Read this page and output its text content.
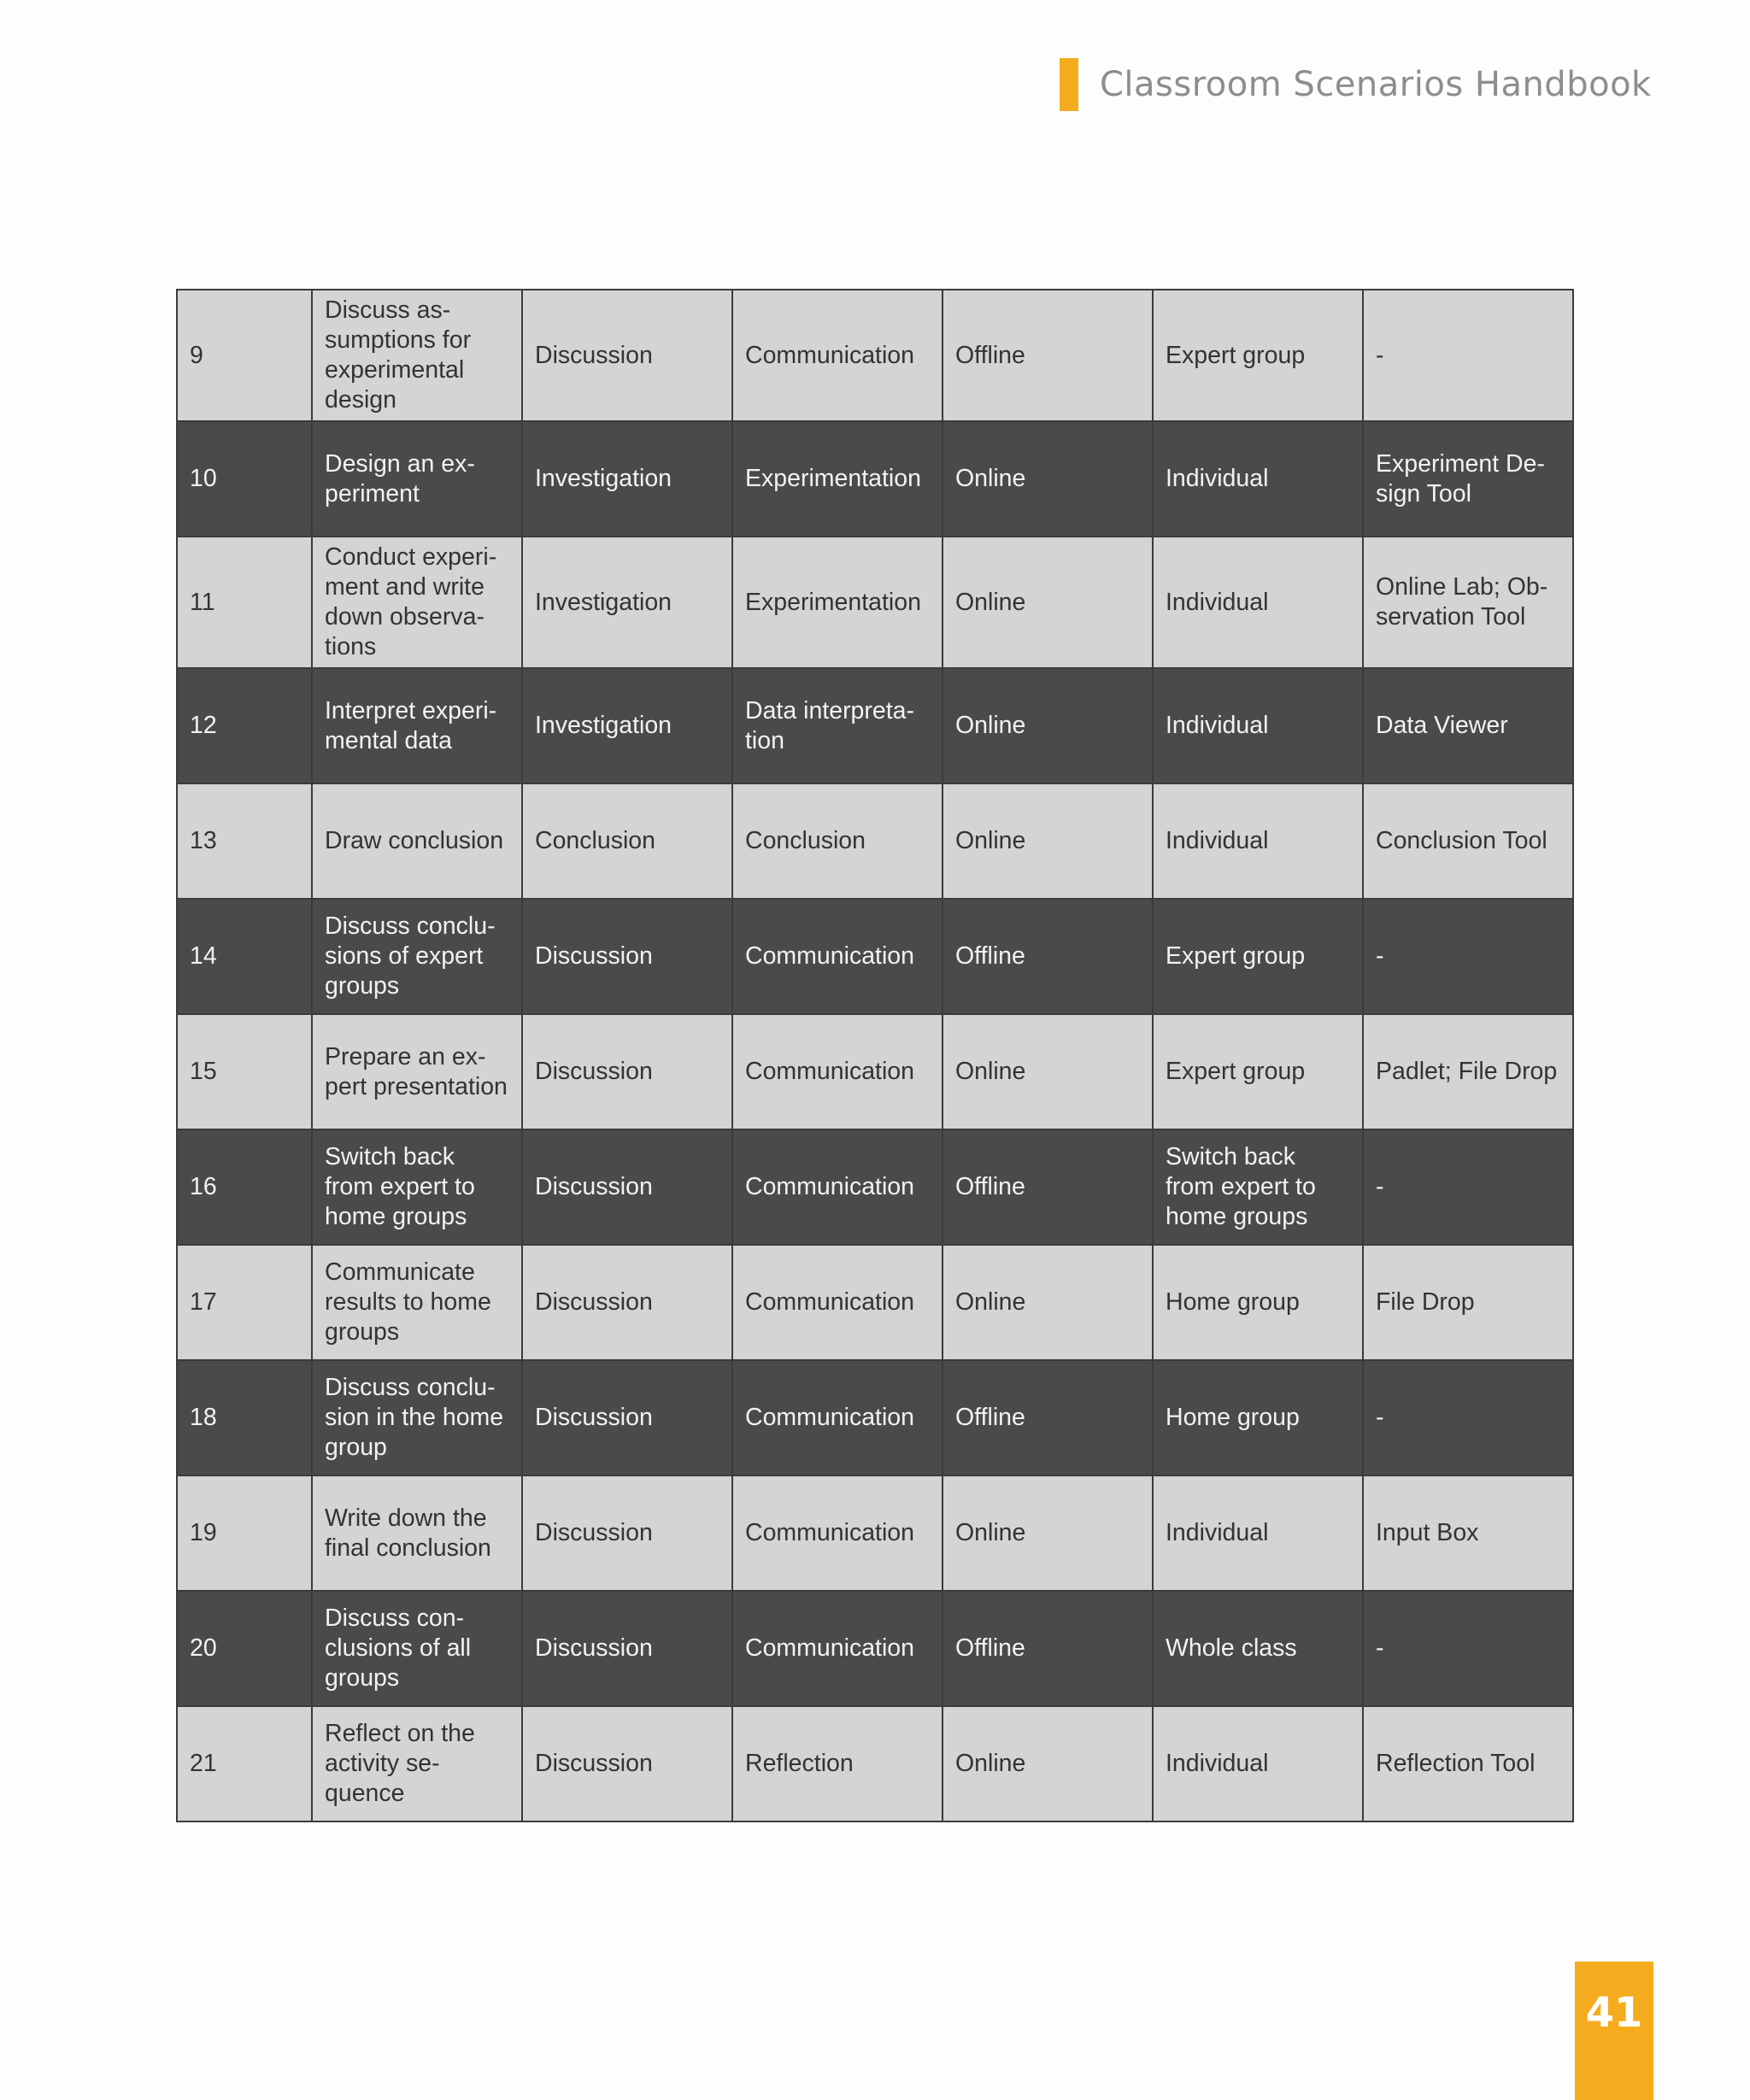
Classroom Scenarios Handbook
9	Discuss as-
sumptions for
experimental
design	Discussion	Communication	Offline	Expert group	-
10	Design an ex-
periment	Investigation	Experimentation	Online	Individual	Experiment De-
sign Tool
11	Conduct experi-
ment and write
down observa-
tions	Investigation	Experimentation	Online	Individual	Online Lab; Ob-
servation Tool
12	Interpret experi-
mental data	Investigation	Data interpreta-
tion	Online	Individual	Data Viewer
13	Draw conclusion	Conclusion	Conclusion	Online	Individual	Conclusion Tool
14	Discuss conclu-
sions of expert
groups	Discussion	Communication	Offline	Expert group	-
15	Prepare an ex-
pert presentation	Discussion	Communication	Online	Expert group	Padlet; File Drop
16	Switch back
from expert to
home groups	Discussion	Communication	Offline	Switch back
from expert to
home groups	-
17	Communicate
results to home
groups	Discussion	Communication	Online	Home group	File Drop
18	Discuss conclu-
sion in the home
group	Discussion	Communication	Offline	Home group	-
19	Write down the
final conclusion	Discussion	Communication	Online	Individual	Input Box
20	Discuss con-
clusions of all
groups	Discussion	Communication	Offline	Whole class	-
21	Reflect on the
activity se-
quence	Discussion	Reflection	Online	Individual	Reflection Tool
41
